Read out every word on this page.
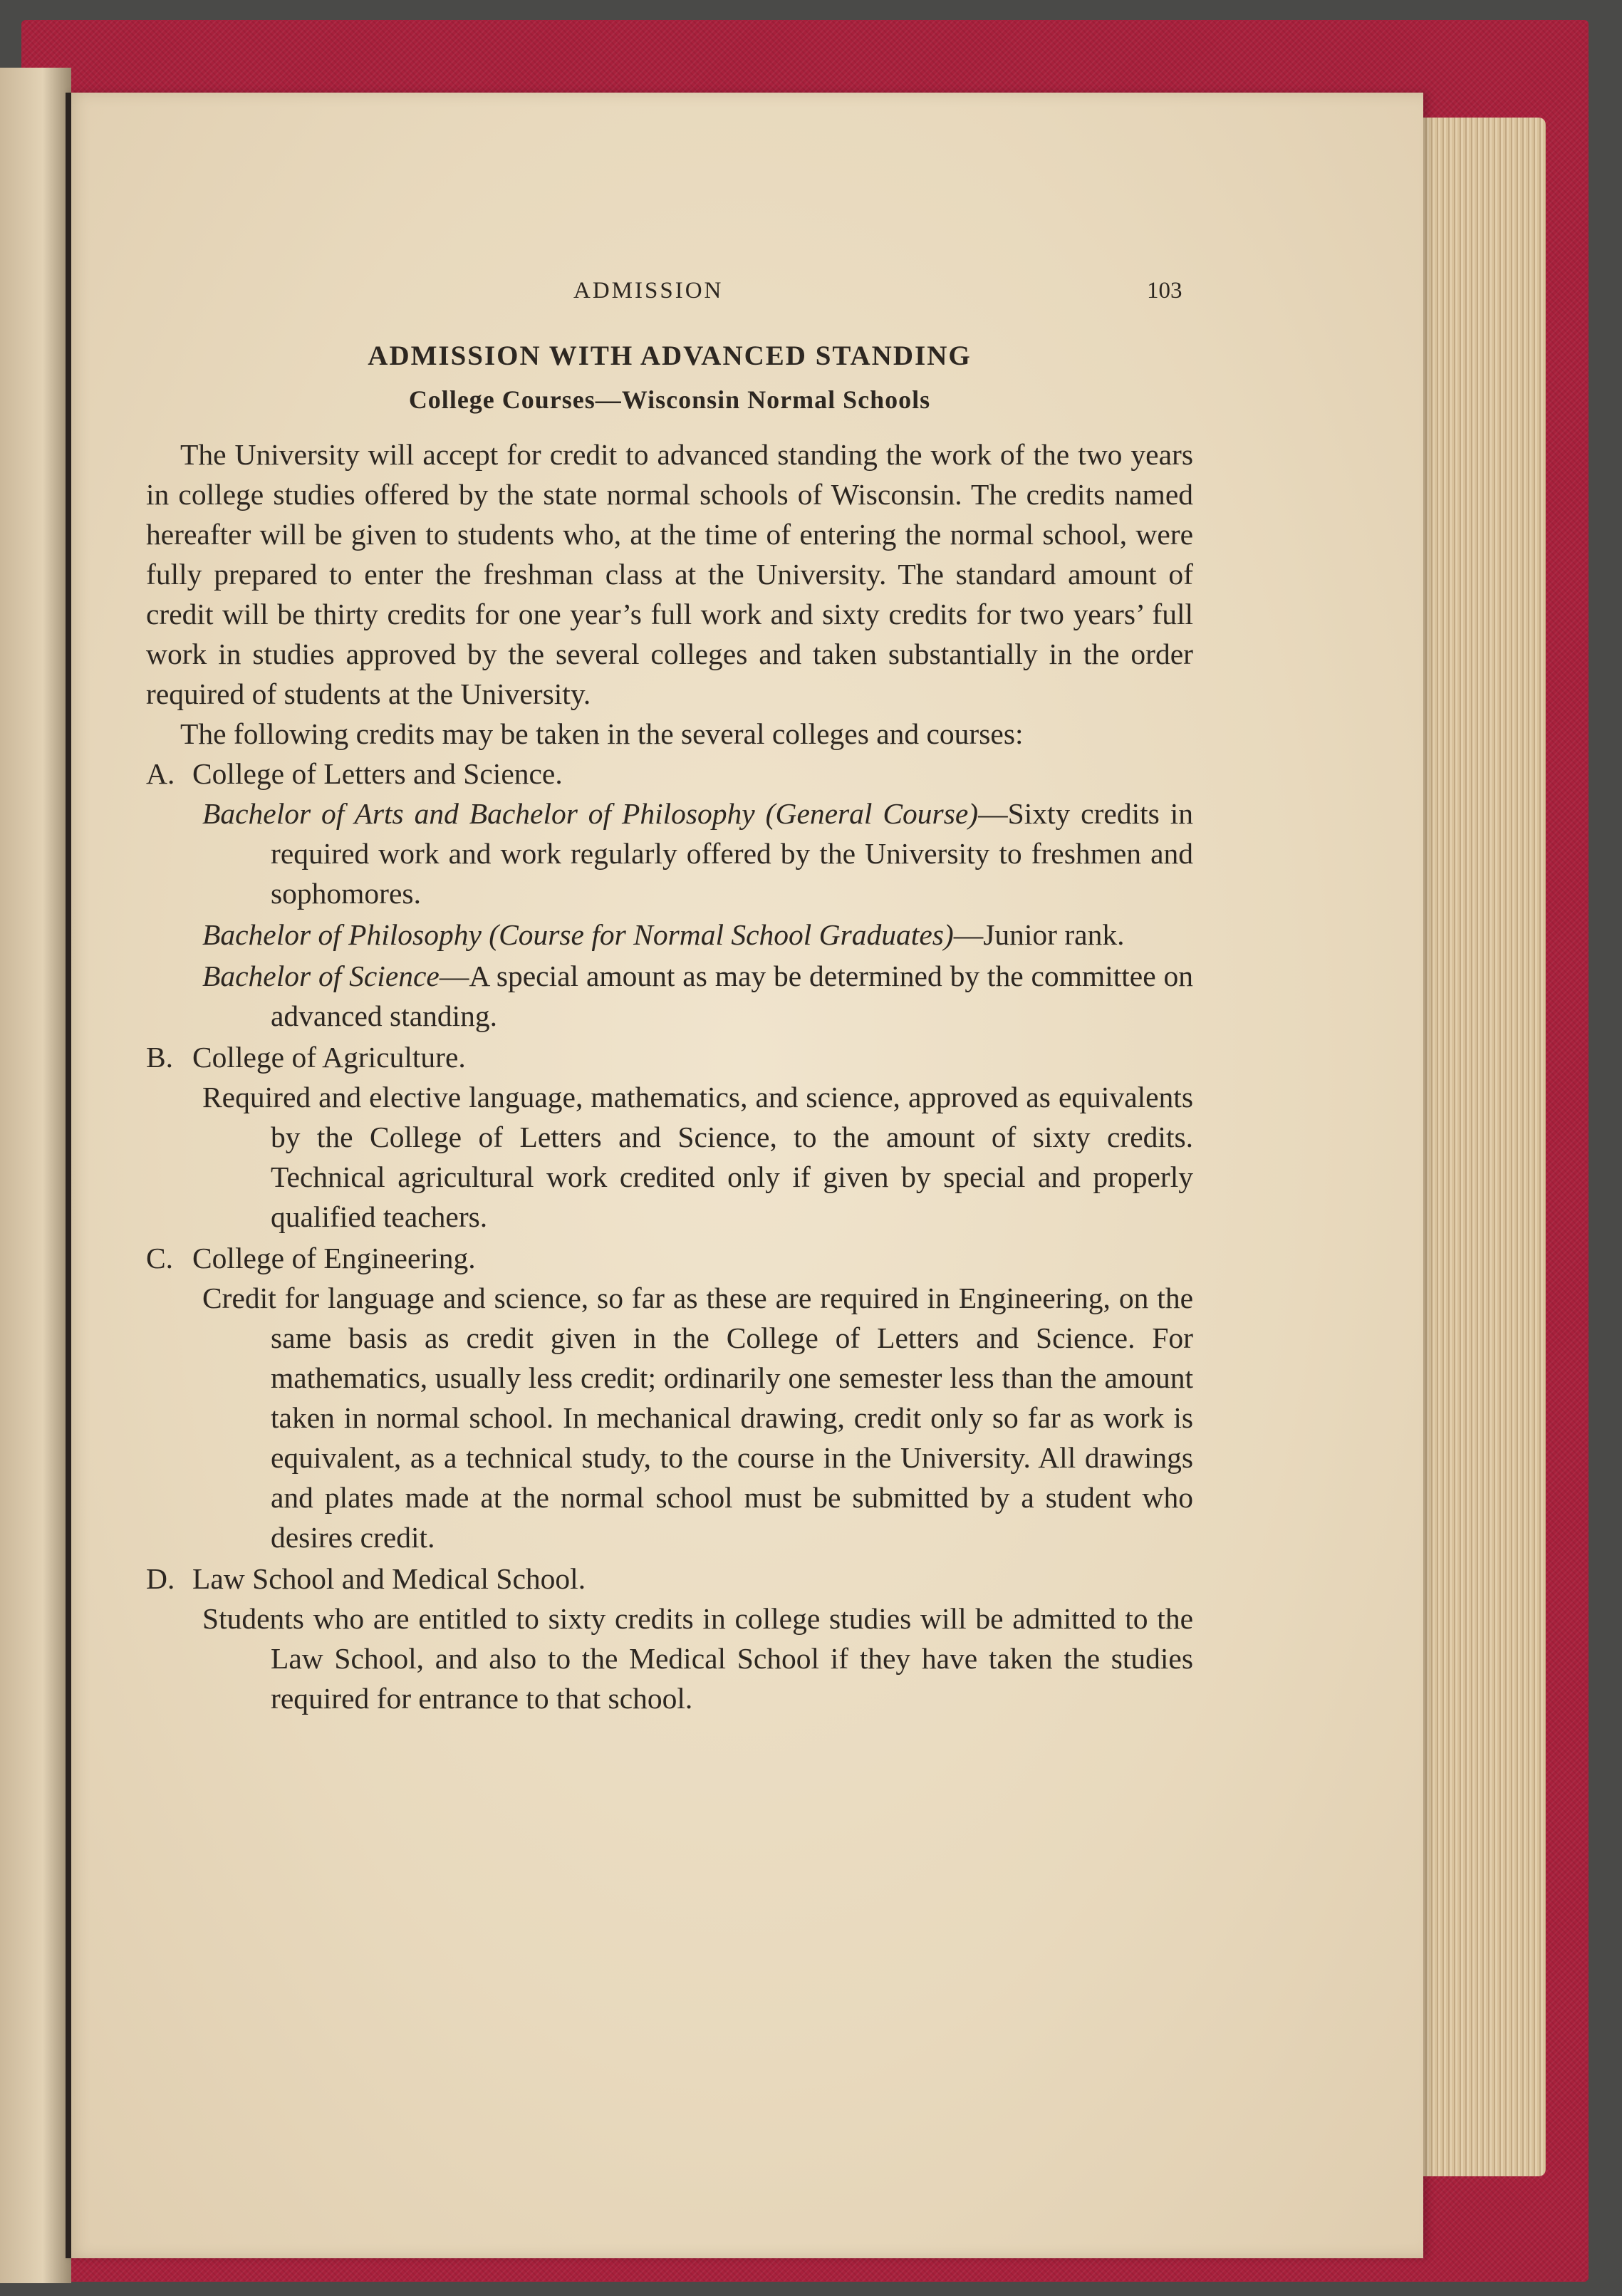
ADMISSION	103
ADMISSION WITH ADVANCED STANDING
College Courses—Wisconsin Normal Schools

The University will accept for credit to advanced standing the work of the two years in college studies offered by the state normal schools of Wisconsin. The credits named hereafter will be given to students who, at the time of entering the normal school, were fully prepared to enter the freshman class at the University. The standard amount of credit will be thirty credits for one year’s full work and sixty credits for two years’ full work in studies approved by the several colleges and taken substantially in the order required of students at the University.

The following credits may be taken in the several colleges and courses:

A. College of Letters and Science.
Bachelor of Arts and Bachelor of Philosophy (General Course)—Sixty credits in required work and work regularly offered by the University to freshmen and sophomores.
Bachelor of Philosophy (Course for Normal School Graduates)—Junior rank.
Bachelor of Science—A special amount as may be determined by the committee on advanced standing.
B. College of Agriculture.
Required and elective language, mathematics, and science, approved as equivalents by the College of Letters and Science, to the amount of sixty credits. Technical agricultural work credited only if given by special and properly qualified teachers.
C. College of Engineering.
Credit for language and science, so far as these are required in Engineering, on the same basis as credit given in the College of Letters and Science. For mathematics, usually less credit; ordinarily one semester less than the amount taken in normal school. In mechanical drawing, credit only so far as work is equivalent, as a technical study, to the course in the University. All drawings and plates made at the normal school must be submitted by a student who desires credit.
D. Law School and Medical School.
Students who are entitled to sixty credits in college studies will be admitted to the Law School, and also to the Medical School if they have taken the studies required for entrance to that school.
